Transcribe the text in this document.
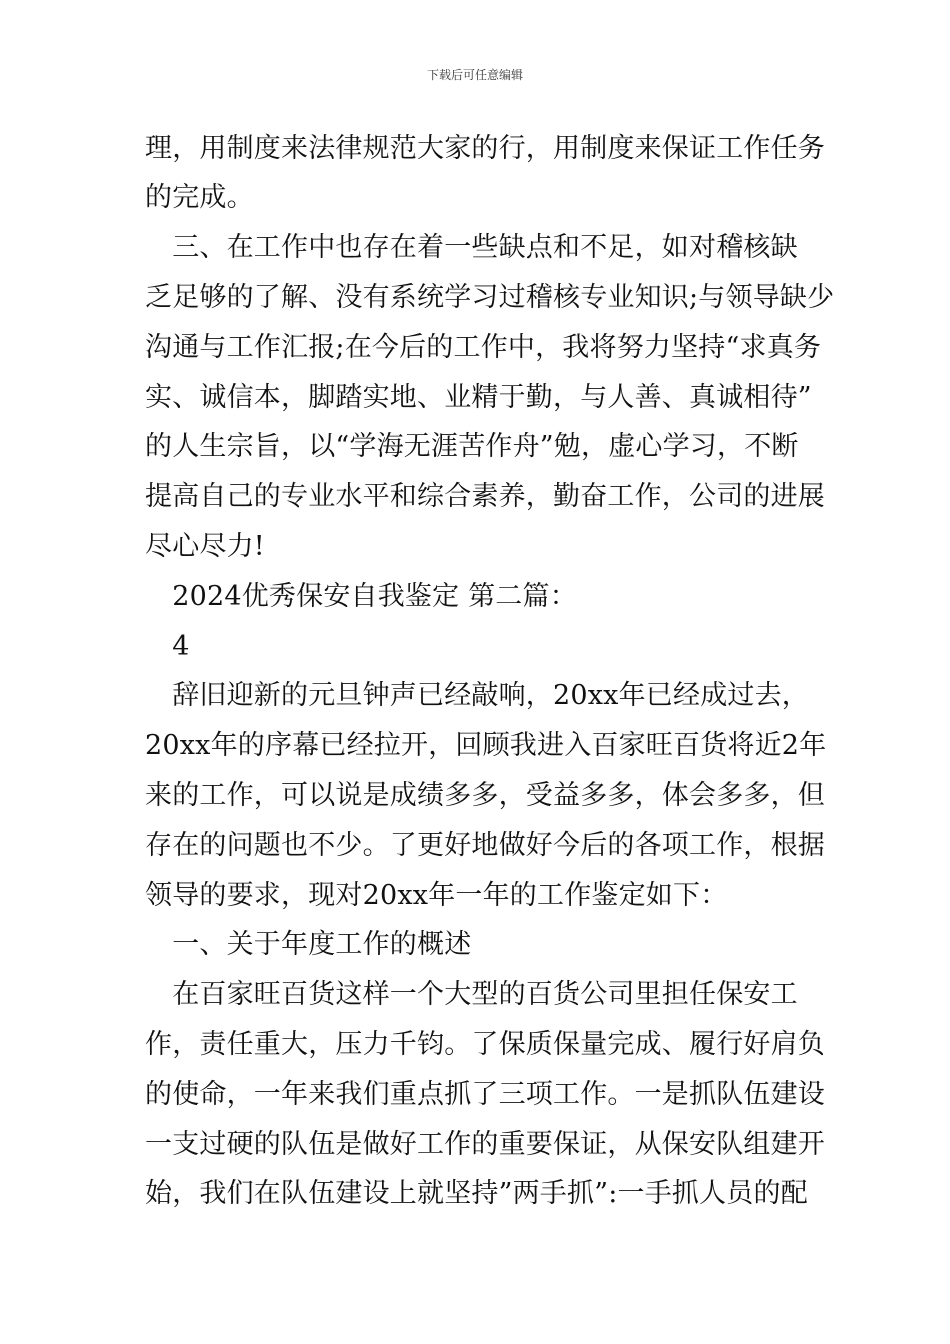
下载后可任意编辑
理，用制度来法律规范大家的行，用制度来保证工作任务
的完成。
　三、在工作中也存在着一些缺点和不足，如对稽核缺
乏足够的了解、没有系统学习过稽核专业知识;与领导缺少
沟通与工作汇报;在今后的工作中，我将努力坚持“求真务
实、诚信本，脚踏实地、业精于勤，与人善、真诚相待”
的人生宗旨，以“学海无涯苦作舟”勉，虚心学习，不断
提高自己的专业水平和综合素养，勤奋工作，公司的进展
尽心尽力!
　2024优秀保安自我鉴定 第二篇：
　4
　辞旧迎新的元旦钟声已经敲响，20xx年已经成过去，
20xx年的序幕已经拉开，回顾我进入百家旺百货将近2年
来的工作，可以说是成绩多多，受益多多，体会多多，但
存在的问题也不少。了更好地做好今后的各项工作，根据
领导的要求，现对20xx年一年的工作鉴定如下：
　一、关于年度工作的概述
　在百家旺百货这样一个大型的百货公司里担任保安工
作，责任重大，压力千钧。了保质保量完成、履行好肩负
的使命，一年来我们重点抓了三项工作。一是抓队伍建设
一支过硬的队伍是做好工作的重要保证，从保安队组建开
始，我们在队伍建设上就坚持”两手抓”:一手抓人员的配
